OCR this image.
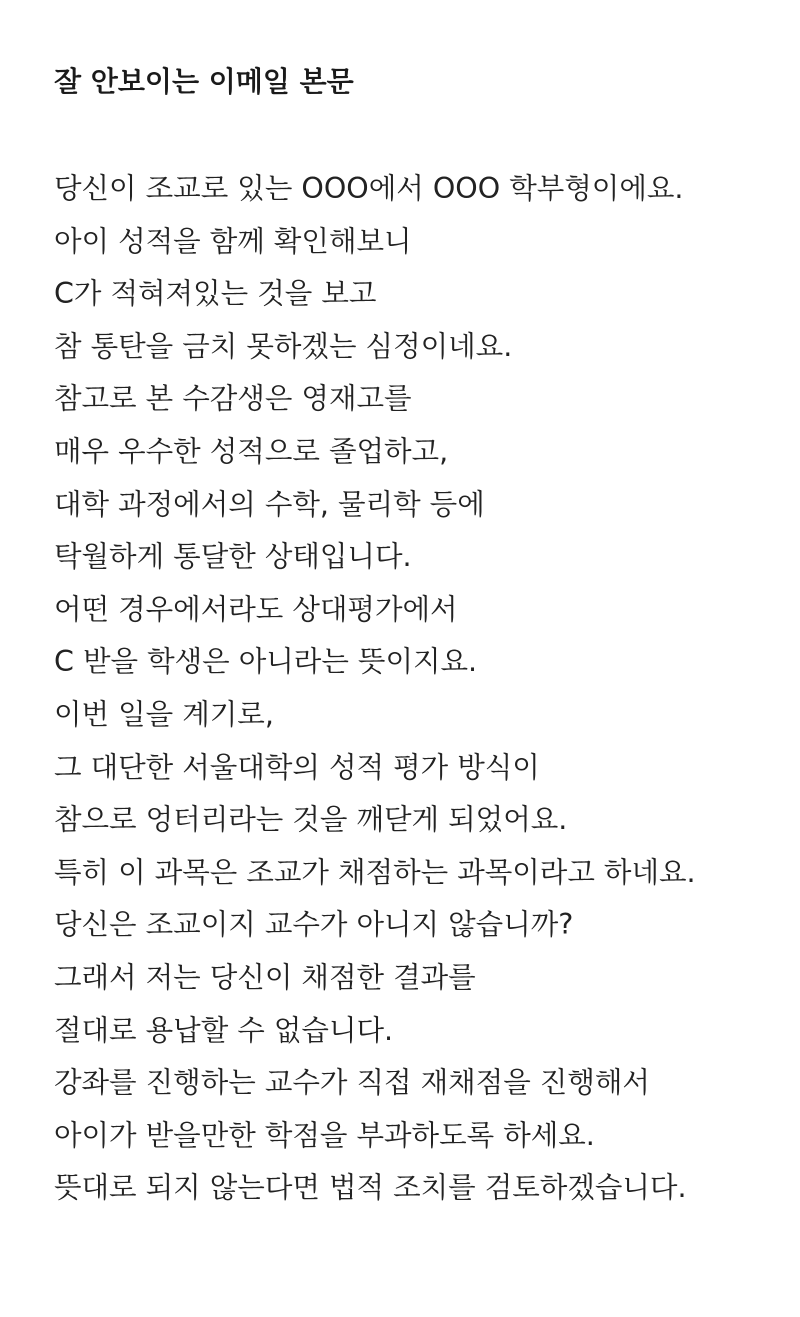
잘 안보이는 이메일 본문
당신이 조교로 있는 OOO에서 OOO 학부형이에요.
아이 성적을 함께 확인해보니
C가 적혀져있는 것을 보고
참 통탄을 금치 못하겠는 심정이네요.
참고로 본 수감생은 영재고를
매우 우수한 성적으로 졸업하고,
대학 과정에서의 수학, 물리학 등에
탁월하게 통달한 상태입니다.
어떤 경우에서라도 상대평가에서
C 받을 학생은 아니라는 뜻이지요.
이번 일을 계기로,
그 대단한 서울대학의 성적 평가 방식이
참으로 엉터리라는 것을 깨닫게 되었어요.
특히 이 과목은 조교가 채점하는 과목이라고 하네요.
당신은 조교이지 교수가 아니지 않습니까?
그래서 저는 당신이 채점한 결과를
절대로 용납할 수 없습니다.
강좌를 진행하는 교수가 직접 재채점을 진행해서
아이가 받을만한 학점을 부과하도록 하세요.
뜻대로 되지 않는다면 법적 조치를 검토하겠습니다.
